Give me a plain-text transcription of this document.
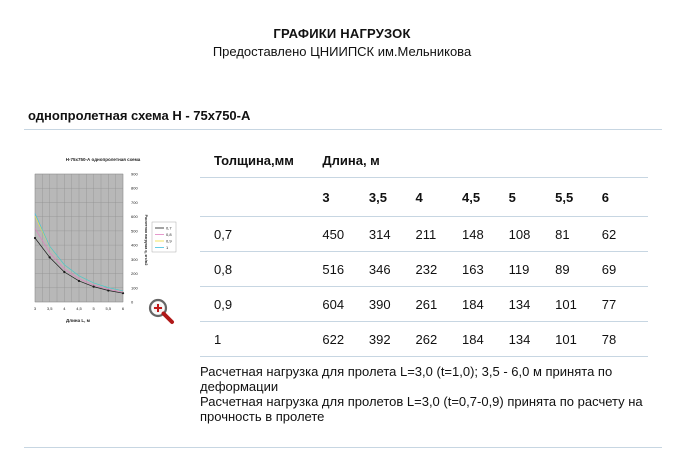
ГРАФИКИ НАГРУЗОК
Предоставлено ЦНИИПСК им.Мельникова
однопролетная схема Н - 75х750-А
Н-75х750-А однопролетная схема
3	3,5	4	4,5	5	5,5	6
0
100
200
300
400
500
600
700
800
900
Длина L, м
Расчетная нагрузка q, кгс/м2	0,7
0,8
0,9
1
Толщина,мм	Длина, м						
	3	3,5	4	4,5	5	5,5	6
0,7	450	314	211	148	108	81	62
0,8	516	346	232	163	119	89	69
0,9	604	390	261	184	134	101	77
1	622	392	262	184	134	101	78

Расчетная нагрузка для пролета L=3,0 (t=1,0); 3,5 - 6,0 м принята по деформации

Расчетная нагрузка для пролетов L=3,0 (t=0,7-0,9) принята по расчету на прочность в пролете
